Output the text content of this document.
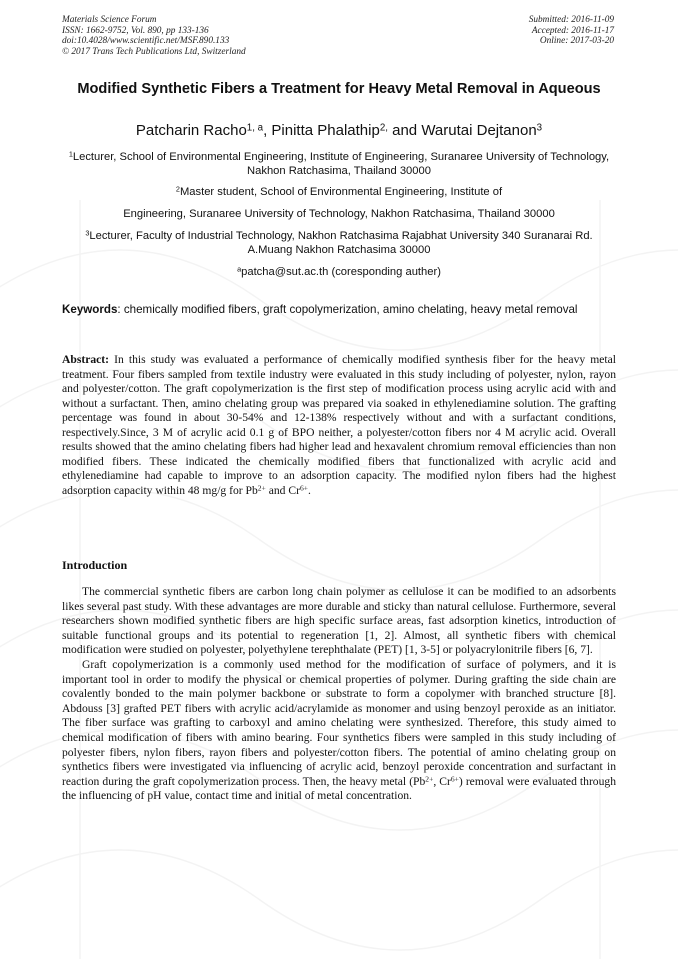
Materials Science Forum
ISSN: 1662-9752, Vol. 890, pp 133-136
doi:10.4028/www.scientific.net/MSF.890.133
© 2017 Trans Tech Publications Ltd, Switzerland
Submitted: 2016-11-09
Accepted: 2016-11-17
Online: 2017-03-20
Modified Synthetic Fibers a Treatment for Heavy Metal Removal in Aqueous
Patcharin Racho$^{1, a}$, Pinitta Phalathip$^{2,}$ and Warutai Dejtanon$^3$
$^1$Lecturer, School of Environmental Engineering, Institute of Engineering, Suranaree University of Technology, Nakhon Ratchasima, Thailand 30000
$^2$Master student, School of Environmental Engineering, Institute of
Engineering, Suranaree University of Technology, Nakhon Ratchasima, Thailand 30000
$^3$Lecturer, Faculty of Industrial Technology, Nakhon Ratchasima Rajabhat University 340 Suranarai Rd. A.Muang Nakhon Ratchasima 30000
$^a$patcha@sut.ac.th (coresponding auther)
Keywords: chemically modified fibers, graft copolymerization, amino chelating, heavy metal removal

Abstract: In this study was evaluated a performance of chemically modified synthesis fiber for the heavy metal treatment. Four fibers sampled from textile industry were evaluated in this study including of polyester, nylon, rayon and polyester/cotton. The graft copolymerization is the first step of modification process using acrylic acid with and without a surfactant. Then, amino chelating group was prepared via soaked in ethylenediamine solution. The grafting percentage was found in about 30-54% and 12-138% respectively without and with a surfactant conditions, respectively.Since, 3 M of acrylic acid 0.1 g of BPO neither, a polyester/cotton fibers nor 4 M acrylic acid. Overall results showed that the amino chelating fibers had higher lead and hexavalent chromium removal efficiencies than non modified fibers. These indicated the chemically modified fibers that functionalized with acrylic acid and ethylenediamine had capable to improve to an adsorption capacity. The modified nylon fibers had the highest adsorption capacity within 48 mg/g for $Pb^{2+}$ and $Cr^{6+}$.

Introduction

The commercial synthetic fibers are carbon long chain polymer as cellulose it can be modified to an adsorbents likes several past study. With these advantages are more durable and sticky than natural cellulose. Furthermore, several researchers shown modified synthetic fibers are high specific surface areas, fast adsorption kinetics, introduction of suitable functional groups and its potential to regeneration [1, 2]. Almost, all synthetic fibers with chemical modification were studied on polyester, polyethylene terephthalate (PET) [1, 3-5] or polyacrylonitrile fibers [6, 7].

Graft copolymerization is a commonly used method for the modification of surface of polymers, and it is important tool in order to modify the physical or chemical properties of polymer. During grafting the side chain are covalently bonded to the main polymer backbone or substrate to form a copolymer with branched structure [8]. Abdouss [3] grafted PET fibers with acrylic acid/acrylamide as monomer and using benzoyl peroxide as an initiator. The fiber surface was grafting to carboxyl and amino chelating were synthesized. Therefore, this study aimed to chemical modification of fibers with amino bearing. Four synthetics fibers were sampled in this study including of polyester fibers, nylon fibers, rayon fibers and polyester/cotton fibers. The potential of amino chelating group on synthetics fibers were investigated via influencing of acrylic acid, benzoyl peroxide concentration and surfactant in reaction during the graft copolymerization process. Then, the heavy metal ($Pb^{2+}$, $Cr^{6+}$) removal were evaluated through the influencing of pH value, contact time and initial of metal concentration.
